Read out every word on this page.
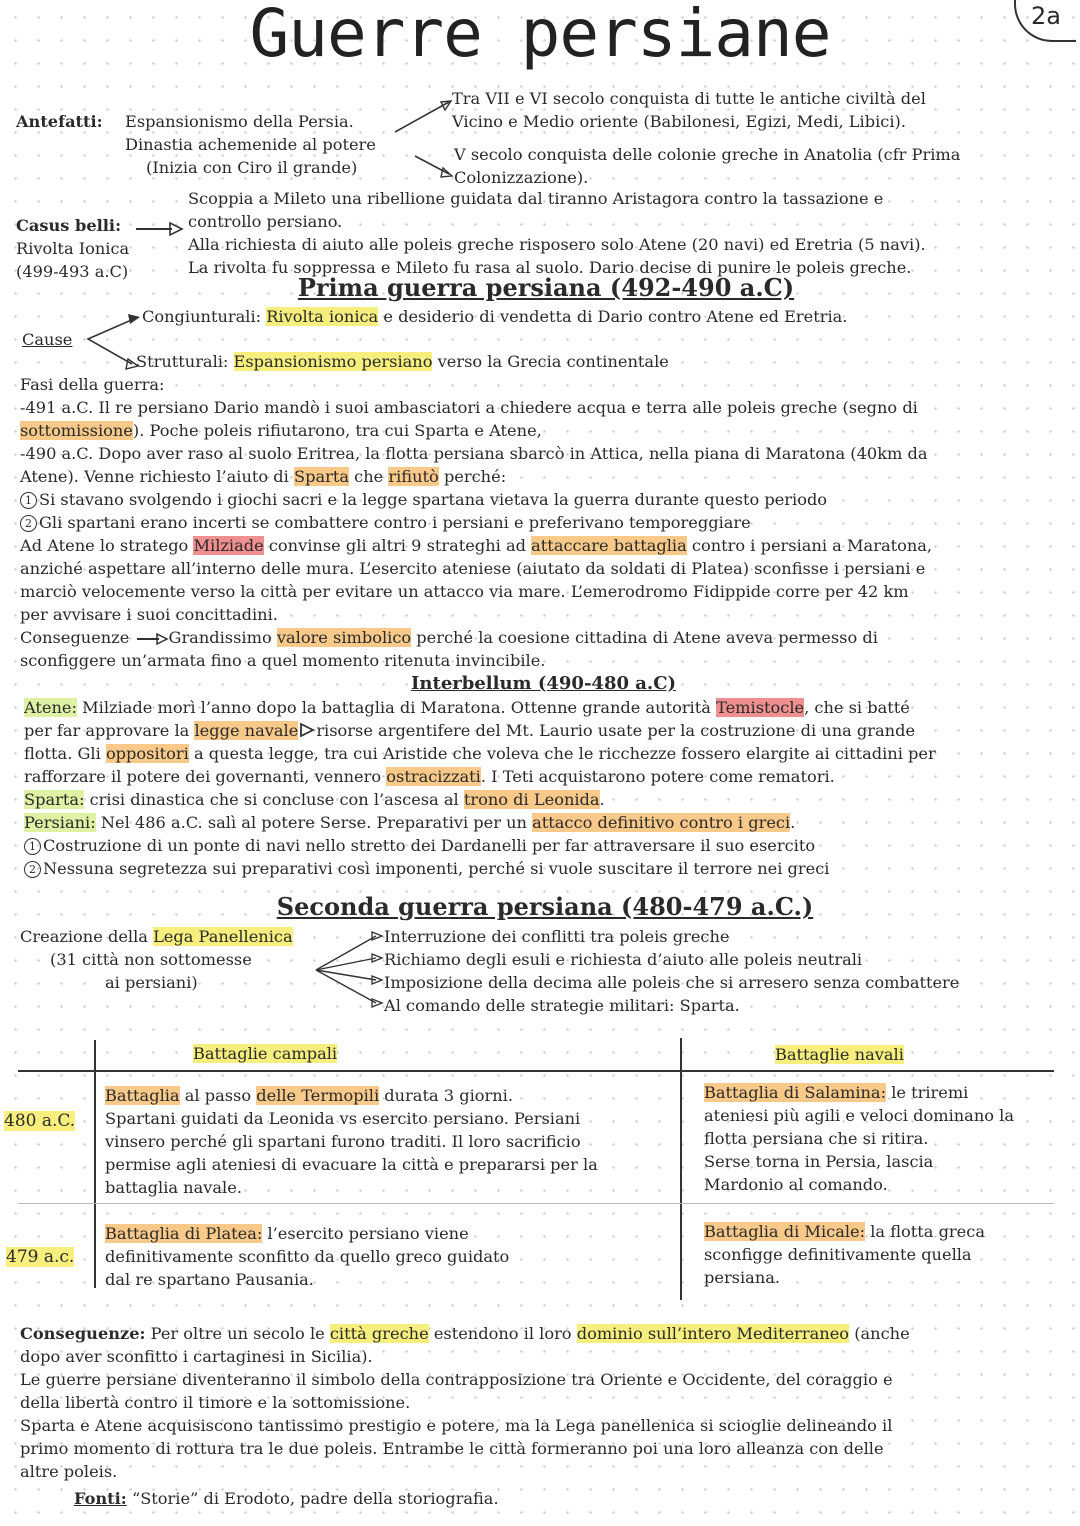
Guerre persiane	2a
Antefatti: Espansionismo della Persia.
Dinastia achemenide al potere
(Inizia con Ciro il grande)
Tra VII e VI secolo conquista di tutte le antiche civiltà del
Vicino e Medio oriente (Babilonesi, Egizi, Medi, Libici).
V secolo conquista delle colonie greche in Anatolia (cfr Prima
Colonizzazione).
Casus belli:
Rivolta Ionica
(499-493 a.C)
Scoppia a Mileto una ribellione guidata dal tiranno Aristagora contro la tassazione e
controllo persiano.
Alla richiesta di aiuto alle poleis greche risposero solo Atene (20 navi) ed Eretria (5 navi).
La rivolta fu soppressa e Mileto fu rasa al suolo. Dario decise di punire le poleis greche.
Prima guerra persiana (492-490 a.C)
Cause
Congiunturali: Rivolta ionica e desiderio di vendetta di Dario contro Atene ed Eretria.
Strutturali: Espansionismo persiano verso la Grecia continentale
Fasi della guerra:
-491 a.C. Il re persiano Dario mandò i suoi ambasciatori a chiedere acqua e terra alle poleis greche (segno di
sottomissione). Poche poleis rifiutarono, tra cui Sparta e Atene,
-490 a.C. Dopo aver raso al suolo Eritrea, la flotta persiana sbarcò in Attica, nella piana di Maratona (40km da
Atene). Venne richiesto l’aiuto di Sparta che rifiutò perché:
1 Si stavano svolgendo i giochi sacri e la legge spartana vietava la guerra durante questo periodo
2 Gli spartani erano incerti se combattere contro i persiani e preferivano temporeggiare
Ad Atene lo stratego Milziade convinse gli altri 9 strateghi ad attaccare battaglia contro i persiani a Maratona,
anziché aspettare all’interno delle mura. L’esercito ateniese (aiutato da soldati di Platea) sconfisse i persiani e
marciò velocemente verso la città per evitare un attacco via mare. L’emerodromo Fidippide corre per 42 km
per avvisare i suoi concittadini.
Conseguenze Grandissimo valore simbolico perché la coesione cittadina di Atene aveva permesso di
sconfiggere un’armata fino a quel momento ritenuta invincibile.
Interbellum (490-480 a.C)
Atene: Milziade morì l’anno dopo la battaglia di Maratona. Ottenne grande autorità Temistocle, che si batté
per far approvare la legge navale risorse argentifere del Mt. Laurio usate per la costruzione di una grande
flotta. Gli oppositori a questa legge, tra cui Aristide che voleva che le ricchezze fossero elargite ai cittadini per
rafforzare il potere dei governanti, vennero ostracizzati. I Teti acquistarono potere come rematori.
Sparta: crisi dinastica che si concluse con l’ascesa al trono di Leonida.
Persiani: Nel 486 a.C. salì al potere Serse. Preparativi per un attacco definitivo contro i greci.
1 Costruzione di un ponte di navi nello stretto dei Dardanelli per far attraversare il suo esercito
2 Nessuna segretezza sui preparativi così imponenti, perché si vuole suscitare il terrore nei greci
Seconda guerra persiana (480-479 a.C.)
Creazione della Lega Panellenica
(31 città non sottomesse
ai persiani)
Interruzione dei conflitti tra poleis greche
Richiamo degli esuli e richiesta d’aiuto alle poleis neutrali
Imposizione della decima alle poleis che si arresero senza combattere
Al comando delle strategie militari: Sparta.
Battaglie campali	Battaglie navali
480 a.C.
Battaglia al passo delle Termopili durata 3 giorni.
Spartani guidati da Leonida vs esercito persiano. Persiani
vinsero perché gli spartani furono traditi. Il loro sacrificio
permise agli ateniesi di evacuare la città e prepararsi per la
battaglia navale.
Battaglia di Salamina: le triremi
ateniesi più agili e veloci dominano la
flotta persiana che si ritira.
Serse torna in Persia, lascia
Mardonio al comando.
479 a.c.
Battaglia di Platea: l’esercito persiano viene
definitivamente sconfitto da quello greco guidato
dal re spartano Pausania.
Battaglia di Micale: la flotta greca
sconfigge definitivamente quella
persiana.
Conseguenze: Per oltre un secolo le città greche estendono il loro dominio sull’intero Mediterraneo (anche
dopo aver sconfitto i cartaginesi in Sicilia).
Le guerre persiane diventeranno il simbolo della contrapposizione tra Oriente e Occidente, del coraggio e
della libertà contro il timore e la sottomissione.
Sparta e Atene acquisiscono tantissimo prestigio e potere, ma la Lega panellenica si scioglie delineando il
primo momento di rottura tra le due poleis. Entrambe le città formeranno poi una loro alleanza con delle
altre poleis.
Fonti: “Storie” di Erodoto, padre della storiografia.
